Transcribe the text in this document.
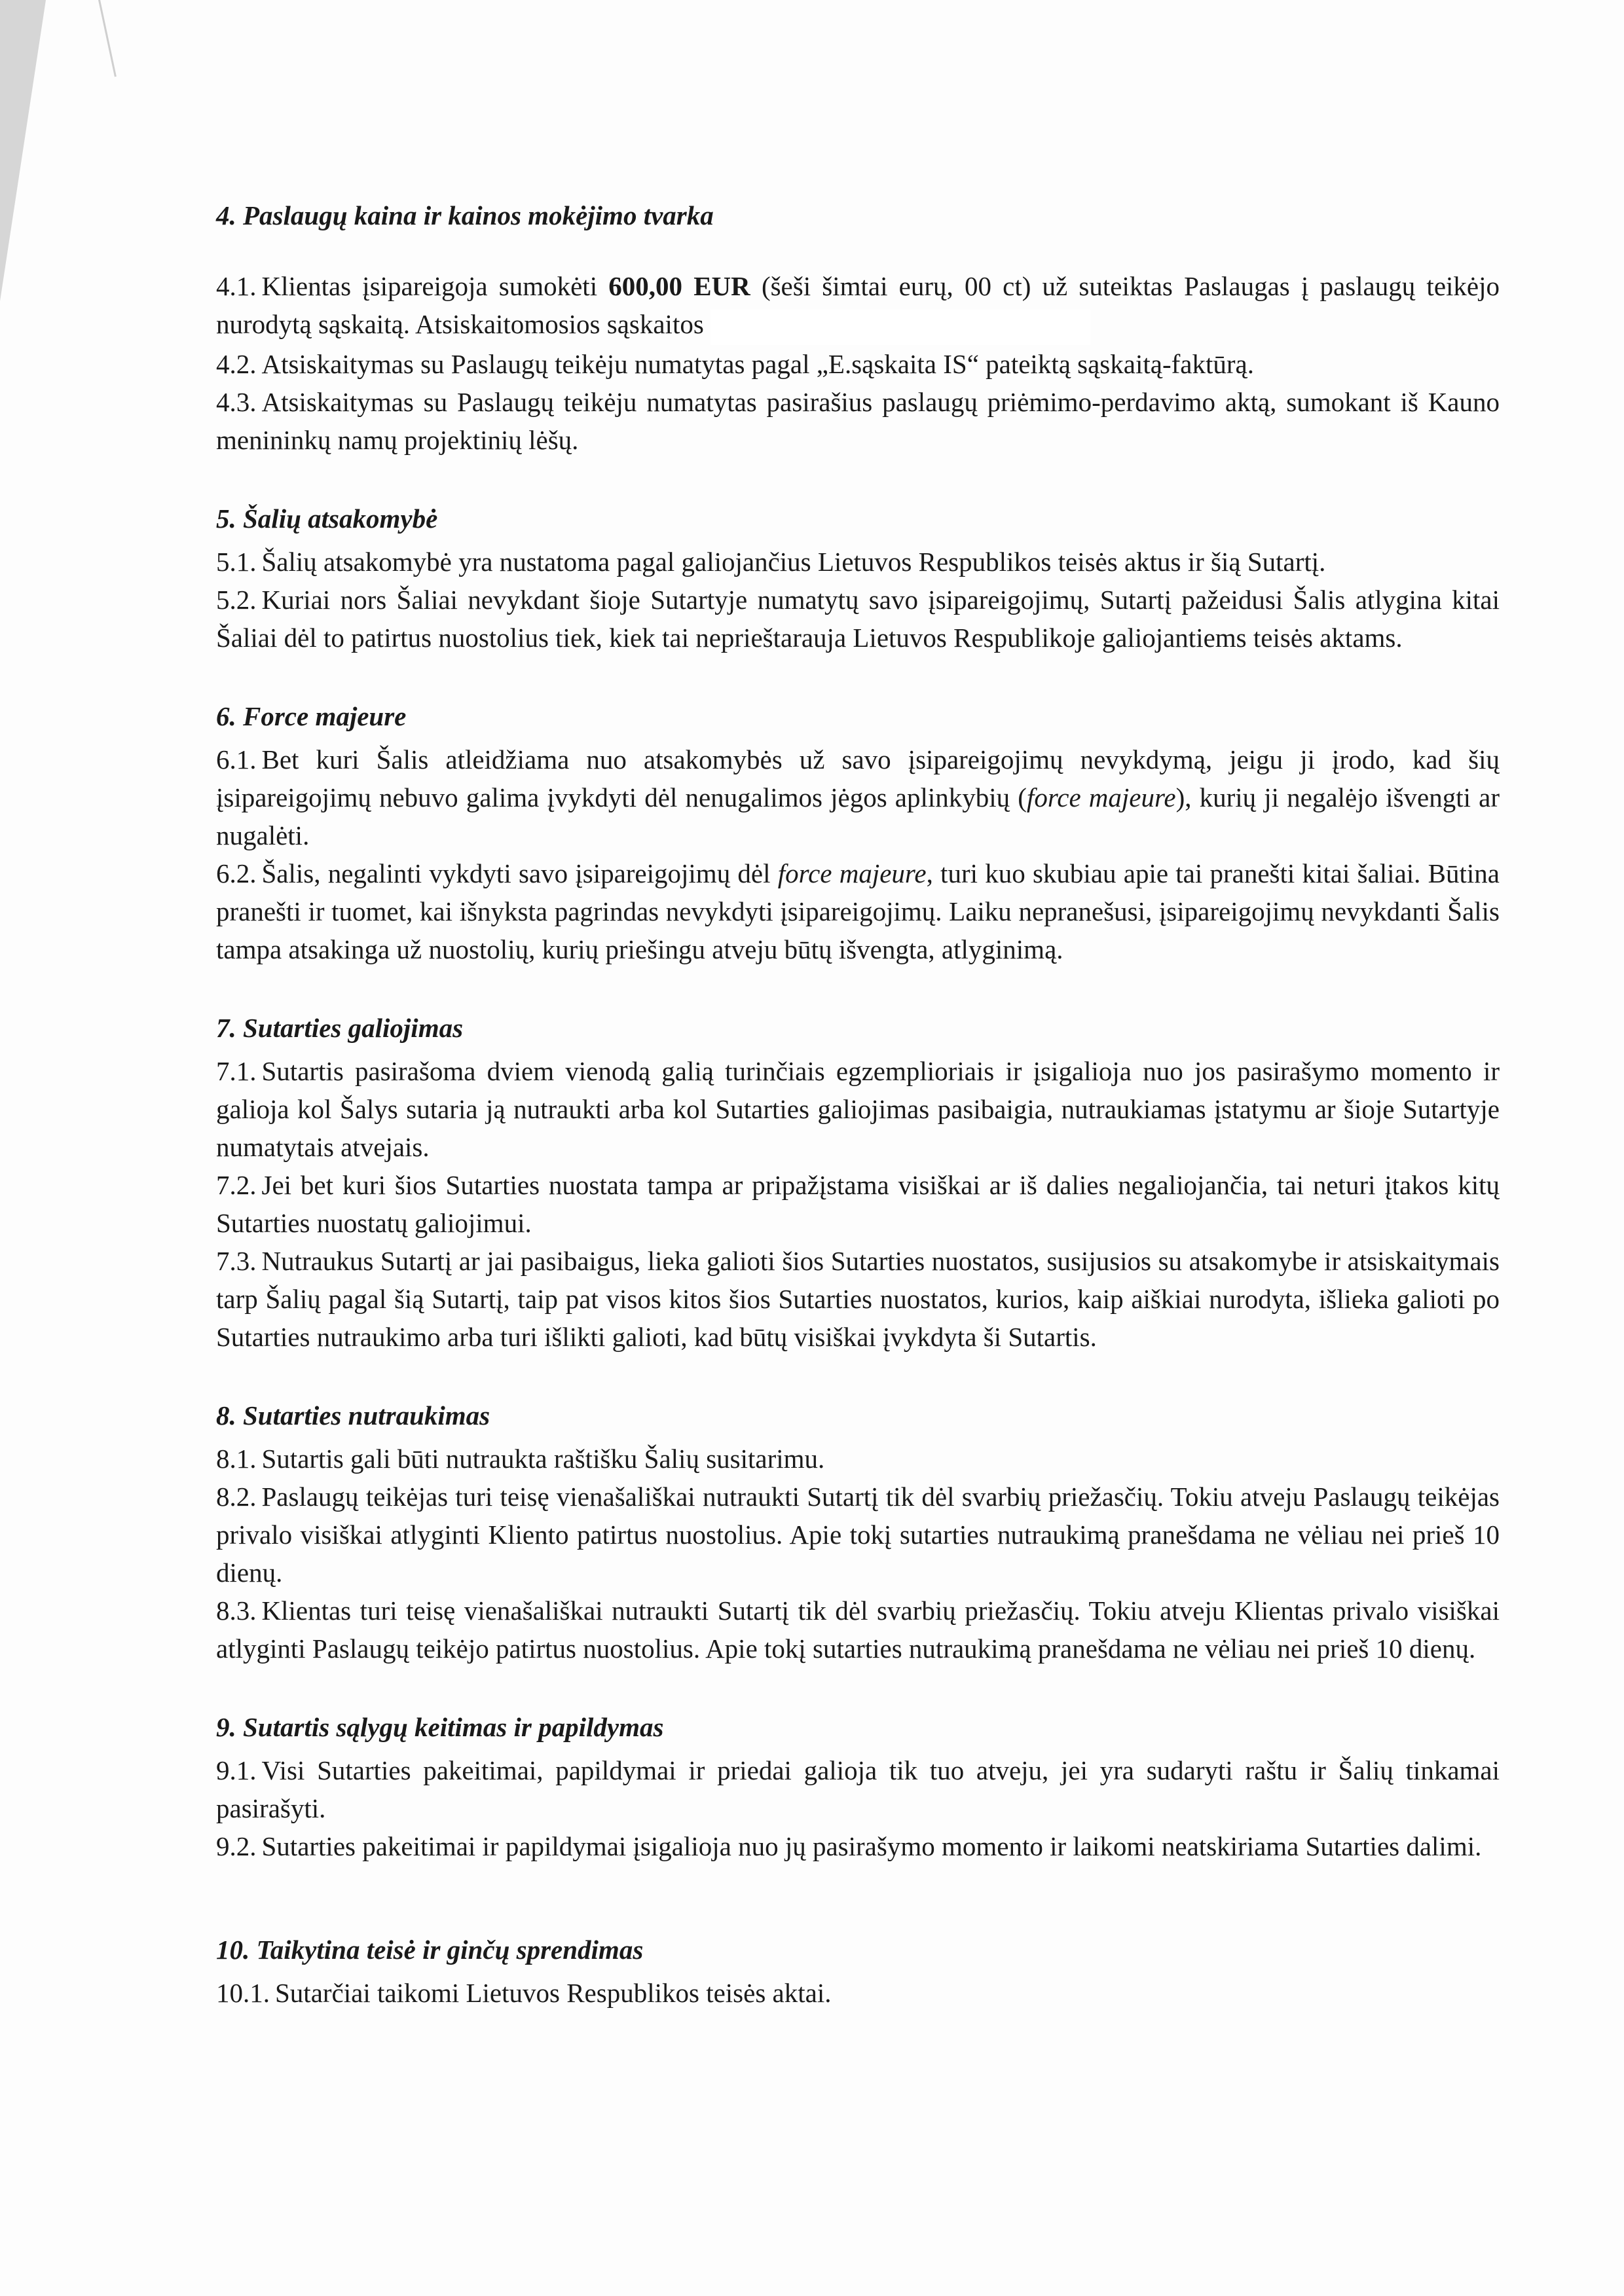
4. Paslaugų kaina ir kainos mokėjimo tvarka

4.1. Klientas įsipareigoja sumokėti 600,00 EUR (šeši šimtai eurų, 00 ct) už suteiktas Paslaugas į paslaugų teikėjo nurodytą sąskaitą. Atsiskaitomosios sąskaitos

4.2. Atsiskaitymas su Paslaugų teikėju numatytas pagal „E.sąskaita IS“ pateiktą sąskaitą-faktūrą.

4.3. Atsiskaitymas su Paslaugų teikėju numatytas pasirašius paslaugų priėmimo-perdavimo aktą, sumokant iš Kauno menininkų namų projektinių lėšų.

5. Šalių atsakomybė

5.1. Šalių atsakomybė yra nustatoma pagal galiojančius Lietuvos Respublikos teisės aktus ir šią Sutartį.

5.2. Kuriai nors Šaliai nevykdant šioje Sutartyje numatytų savo įsipareigojimų, Sutartį pažeidusi Šalis atlygina kitai Šaliai dėl to patirtus nuostolius tiek, kiek tai neprieštarauja Lietuvos Respublikoje galiojantiems teisės aktams.

6. Force majeure

6.1. Bet kuri Šalis atleidžiama nuo atsakomybės už savo įsipareigojimų nevykdymą, jeigu ji įrodo, kad šių įsipareigojimų nebuvo galima įvykdyti dėl nenugalimos jėgos aplinkybių (force majeure), kurių ji negalėjo išvengti ar nugalėti.

6.2. Šalis, negalinti vykdyti savo įsipareigojimų dėl force majeure, turi kuo skubiau apie tai pranešti kitai šaliai. Būtina pranešti ir tuomet, kai išnyksta pagrindas nevykdyti įsipareigojimų. Laiku nepranešusi, įsipareigojimų nevykdanti Šalis tampa atsakinga už nuostolių, kurių priešingu atveju būtų išvengta, atlyginimą.

7. Sutarties galiojimas

7.1. Sutartis pasirašoma dviem vienodą galią turinčiais egzemplioriais ir įsigalioja nuo jos pasirašymo momento ir galioja kol Šalys sutaria ją nutraukti arba kol Sutarties galiojimas pasibaigia, nutraukiamas įstatymu ar šioje Sutartyje numatytais atvejais.

7.2. Jei bet kuri šios Sutarties nuostata tampa ar pripažįstama visiškai ar iš dalies negaliojančia, tai neturi įtakos kitų Sutarties nuostatų galiojimui.

7.3. Nutraukus Sutartį ar jai pasibaigus, lieka galioti šios Sutarties nuostatos, susijusios su atsakomybe ir atsiskaitymais tarp Šalių pagal šią Sutartį, taip pat visos kitos šios Sutarties nuostatos, kurios, kaip aiškiai nurodyta, išlieka galioti po Sutarties nutraukimo arba turi išlikti galioti, kad būtų visiškai įvykdyta ši Sutartis.

8. Sutarties nutraukimas

8.1. Sutartis gali būti nutraukta raštišku Šalių susitarimu.

8.2. Paslaugų teikėjas turi teisę vienašališkai nutraukti Sutartį tik dėl svarbių priežasčių. Tokiu atveju Paslaugų teikėjas privalo visiškai atlyginti Kliento patirtus nuostolius. Apie tokį sutarties nutraukimą pranešdama ne vėliau nei prieš 10 dienų.

8.3. Klientas turi teisę vienašališkai nutraukti Sutartį tik dėl svarbių priežasčių. Tokiu atveju Klientas privalo visiškai atlyginti Paslaugų teikėjo patirtus nuostolius. Apie tokį sutarties nutraukimą pranešdama ne vėliau nei prieš 10 dienų.

9. Sutartis sąlygų keitimas ir papildymas

9.1. Visi Sutarties pakeitimai, papildymai ir priedai galioja tik tuo atveju, jei yra sudaryti raštu ir Šalių tinkamai pasirašyti.

9.2. Sutarties pakeitimai ir papildymai įsigalioja nuo jų pasirašymo momento ir laikomi neatskiriama Sutarties dalimi.

10. Taikytina teisė ir ginčų sprendimas

10.1. Sutarčiai taikomi Lietuvos Respublikos teisės aktai.
